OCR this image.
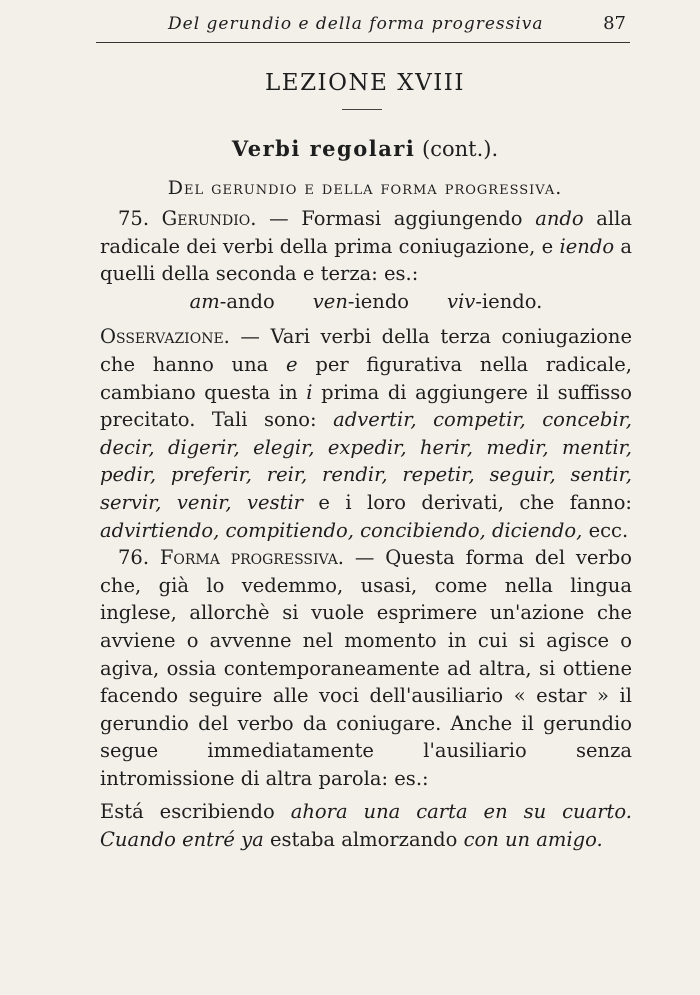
Del gerundio e della forma progressiva	87
LEZIONE XVIII
Verbi regolari (cont.).
Del gerundio e della forma progressiva.

75. Gerundio. — Formasi aggiungendo ando alla radicale dei verbi della prima coniugazione, e iendo a quelli della seconda e terza: es.:

am-ando ven-iendo viv-iendo.

Osservazione. — Vari verbi della terza coniugazione che hanno una e per figurativa nella radicale, cambiano questa in i prima di aggiungere il suffisso precitato. Tali sono: advertir, competir, concebir, decir, digerir, elegir, expedir, herir, medir, mentir, pedir, preferir, reir, rendir, repetir, seguir, sentir, servir, venir, vestir e i loro derivati, che fanno: advirtiendo, compitiendo, concibiendo, diciendo, ecc.

76. Forma progressiva. — Questa forma del verbo che, già lo vedemmo, usasi, come nella lingua inglese, allorchè si vuole esprimere un'azione che avviene o avvenne nel momento in cui si agisce o agiva, ossia contemporaneamente ad altra, si ottiene facendo seguire alle voci dell'ausiliario « estar » il gerundio del verbo da coniugare. Anche il gerundio segue immediatamente l'ausiliario senza intromissione di altra parola: es.:

Está escribiendo ahora una carta en su cuarto. Cuando entré ya estaba almorzando con un amigo.
